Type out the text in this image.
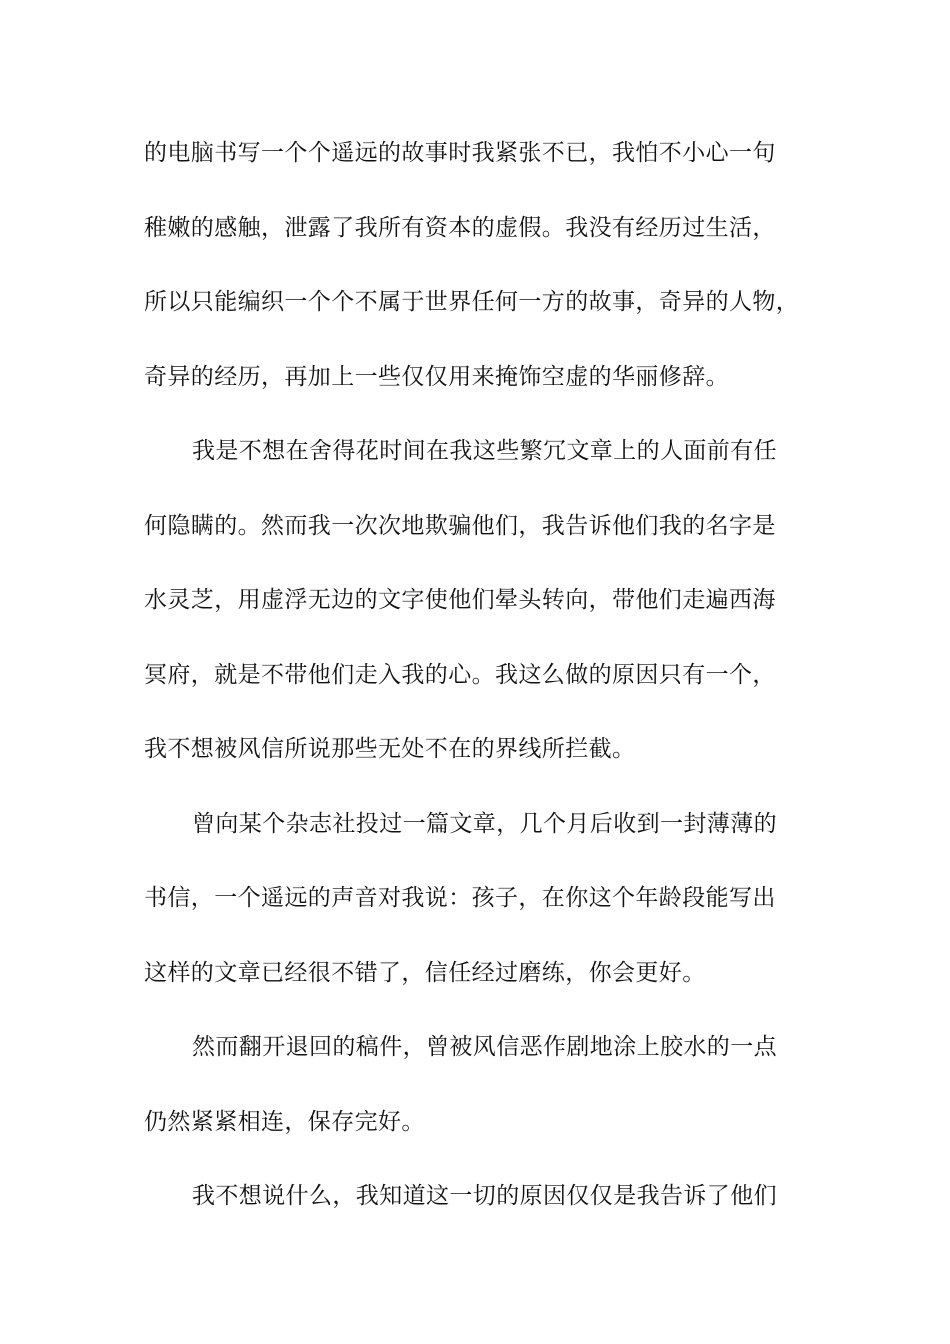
的电脑书写一个个遥远的故事时我紧张不已，我怕不小心一句
稚嫩的感触，泄露了我所有资本的虚假。我没有经历过生活，
所以只能编织一个个不属于世界任何一方的故事，奇异的人物，
奇异的经历，再加上一些仅仅用来掩饰空虚的华丽修辞。
我是不想在舍得花时间在我这些繁冗文章上的人面前有任
何隐瞒的。然而我一次次地欺骗他们，我告诉他们我的名字是
水灵芝，用虚浮无边的文字使他们晕头转向，带他们走遍西海
冥府，就是不带他们走入我的心。我这么做的原因只有一个，
我不想被风信所说那些无处不在的界线所拦截。
曾向某个杂志社投过一篇文章，几个月后收到一封薄薄的
书信，一个遥远的声音对我说：孩子，在你这个年龄段能写出
这样的文章已经很不错了，信任经过磨练，你会更好。
然而翻开退回的稿件，曾被风信恶作剧地涂上胶水的一点
仍然紧紧相连，保存完好。
我不想说什么，我知道这一切的原因仅仅是我告诉了他们
